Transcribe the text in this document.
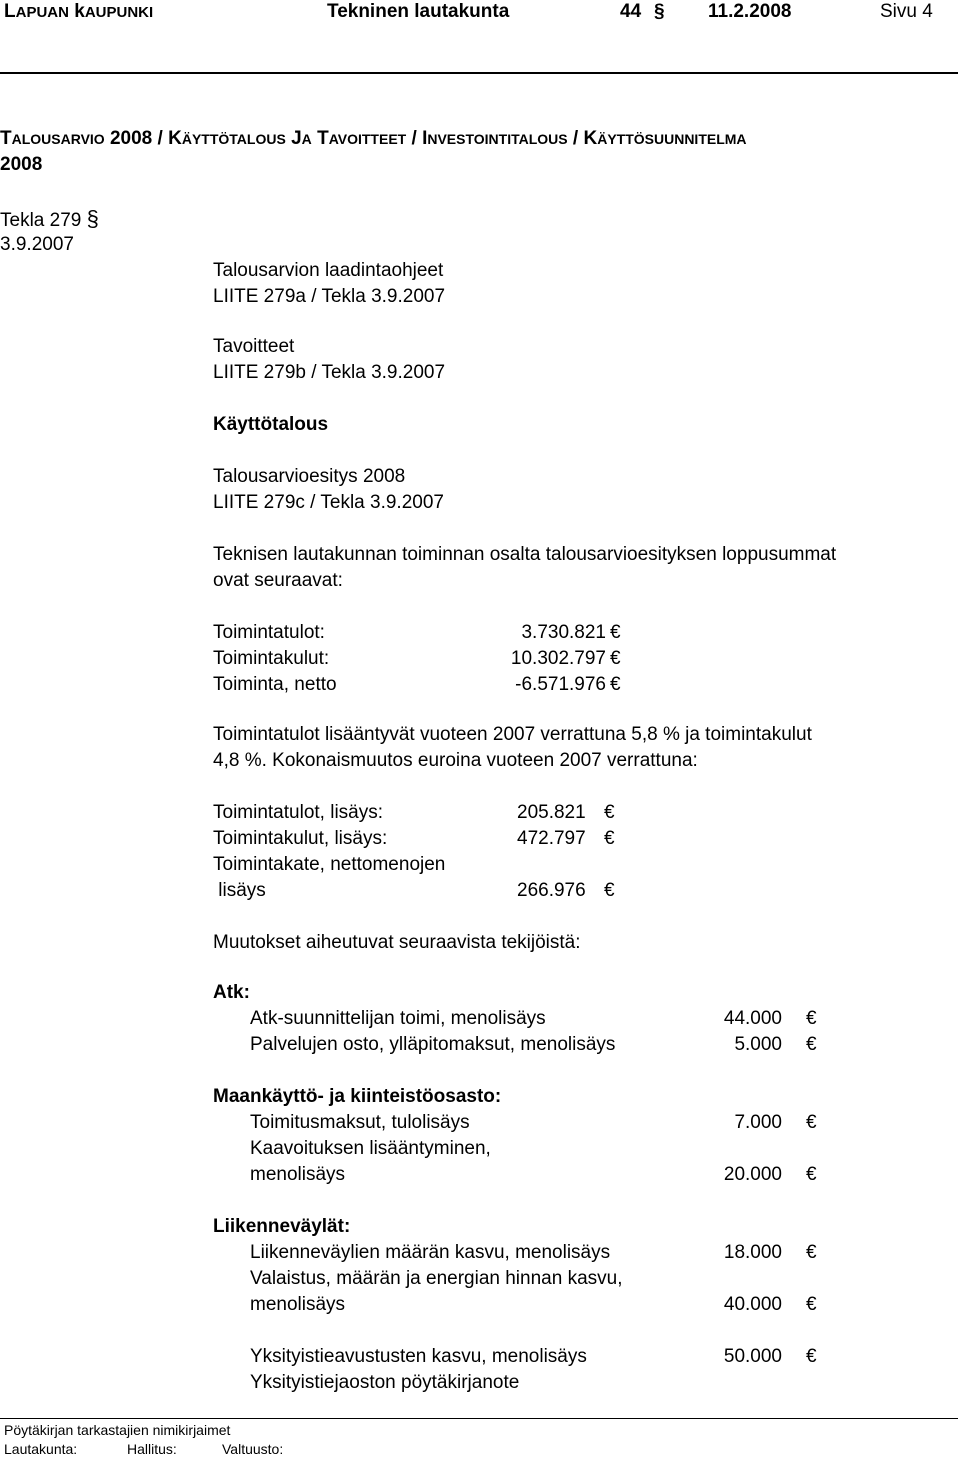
LAPUAN kAUPUNKI	Tekninen lautakunta	44 § 11.2.2008	Sivu 4
TALOUSARVIO 2008 / KÄYTTÖTALOUS JA TAVOITTEET / INVESTOINTITALOUS / KÄYTTÖSUUNNITELMA
2008
Tekla 279 §
3.9.2007
Talousarvion laadintaohjeet
LIITE 279a / Tekla 3.9.2007
Tavoitteet
LIITE 279b / Tekla 3.9.2007
Käyttötalous
Talousarvioesitys 2008
LIITE 279c / Tekla 3.9.2007
Teknisen lautakunnan toiminnan osalta talousarvioesityksen loppusummat
ovat seuraavat:
Toimintatulot:	3.730.821 €
Toimintakulut:	10.302.797 €
Toiminta, netto	-6.571.976 €
Toimintatulot lisääntyvät vuoteen 2007 verrattuna 5,8 % ja toimintakulut
4,8 %. Kokonaismuutos euroina vuoteen 2007 verrattuna:
Toimintatulot, lisäys:	205.821 €
Toimintakulut, lisäys:	472.797 €
Toimintakate, nettomenojen
lisäys	266.976 €
Muutokset aiheutuvat seuraavista tekijöistä:
Atk:
Atk-suunnittelijan toimi, menolisäys	44.000 €
Palvelujen osto, ylläpitomaksut, menolisäys	5.000 €
Maankäyttö- ja kiinteistöosasto:
Toimitusmaksut, tulolisäys	7.000 €
Kaavoituksen lisääntyminen,
menolisäys	20.000 €
Liikenneväylät:
Liikenneväylien määrän kasvu, menolisäys	18.000 €
Valaistus, määrän ja energian hinnan kasvu,
menolisäys	40.000 €
Yksityistieavustusten kasvu, menolisäys	50.000 €
Yksityistiejaoston pöytäkirjanote
Pöytäkirjan tarkastajien nimikirjaimet
Lautakunta:	Hallitus:	Valtuusto:
